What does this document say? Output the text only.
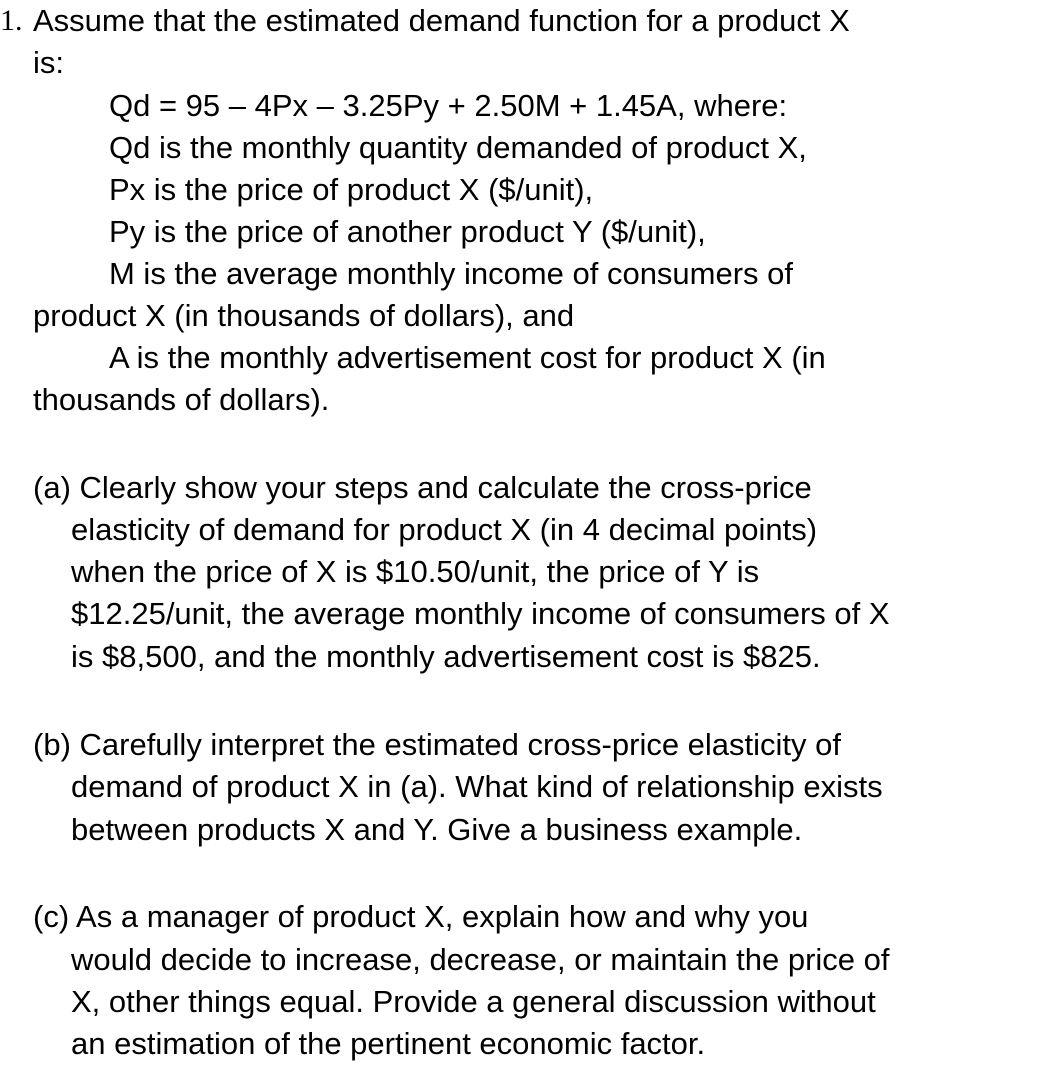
1. Assume that the estimated demand function for a product X
is:
Qd = 95 – 4Px – 3.25Py + 2.50M + 1.45A, where:
Qd is the monthly quantity demanded of product X,
Px is the price of product X ($/unit),
Py is the price of another product Y ($/unit),
M is the average monthly income of consumers of
product X (in thousands of dollars), and
A is the monthly advertisement cost for product X (in
thousands of dollars).
(a) Clearly show your steps and calculate the cross-price
elasticity of demand for product X (in 4 decimal points)
when the price of X is $10.50/unit, the price of Y is
$12.25/unit, the average monthly income of consumers of X
is $8,500, and the monthly advertisement cost is $825.
(b) Carefully interpret the estimated cross-price elasticity of
demand of product X in (a). What kind of relationship exists
between products X and Y. Give a business example.
(c) As a manager of product X, explain how and why you
would decide to increase, decrease, or maintain the price of
X, other things equal. Provide a general discussion without
an estimation of the pertinent economic factor.
